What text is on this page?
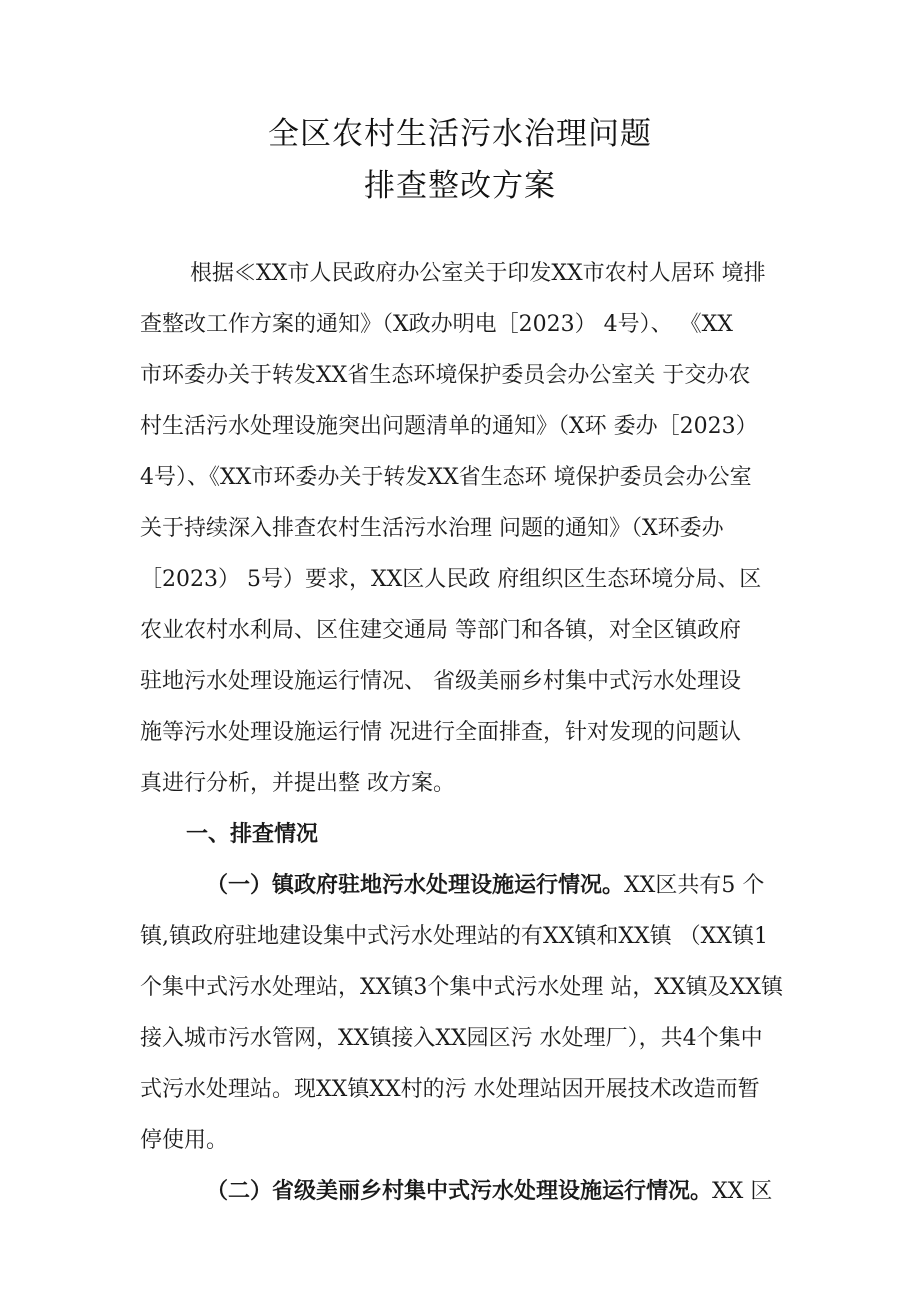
全区农村生活污水治理问题
排查整改方案
根据≪XX市人民政府办公室关于印发XX市农村人居环 境排
查整改工作方案的通知》（X政办明电［2023） 4号）、 《XX
市环委办关于转发XX省生态环境保护委员会办公室关 于交办农
村生活污水处理设施突出问题清单的通知》（X环 委办［2023）
4号）、《XX市环委办关于转发XX省生态环 境保护委员会办公室
关于持续深入排查农村生活污水治理 问题的通知》（X环委办
［2023） 5号）要求，XX区人民政 府组织区生态环境分局、区
农业农村水利局、区住建交通局 等部门和各镇，对全区镇政府
驻地污水处理设施运行情况、 省级美丽乡村集中式污水处理设
施等污水处理设施运行情 况进行全面排查，针对发现的问题认
真进行分析，并提出整 改方案。
一、排查情况
（一）镇政府驻地污水处理设施运行情况。XX区共有5 个
镇,镇政府驻地建设集中式污水处理站的有XX镇和XX镇 （XX镇1
个集中式污水处理站，XX镇3个集中式污水处理 站，XX镇及XX镇
接入城市污水管网，XX镇接入XX园区污 水处理厂），共4个集中
式污水处理站。现XX镇XX村的污 水处理站因开展技术改造而暂
停使用。
（二）省级美丽乡村集中式污水处理设施运行情况。XX 区
